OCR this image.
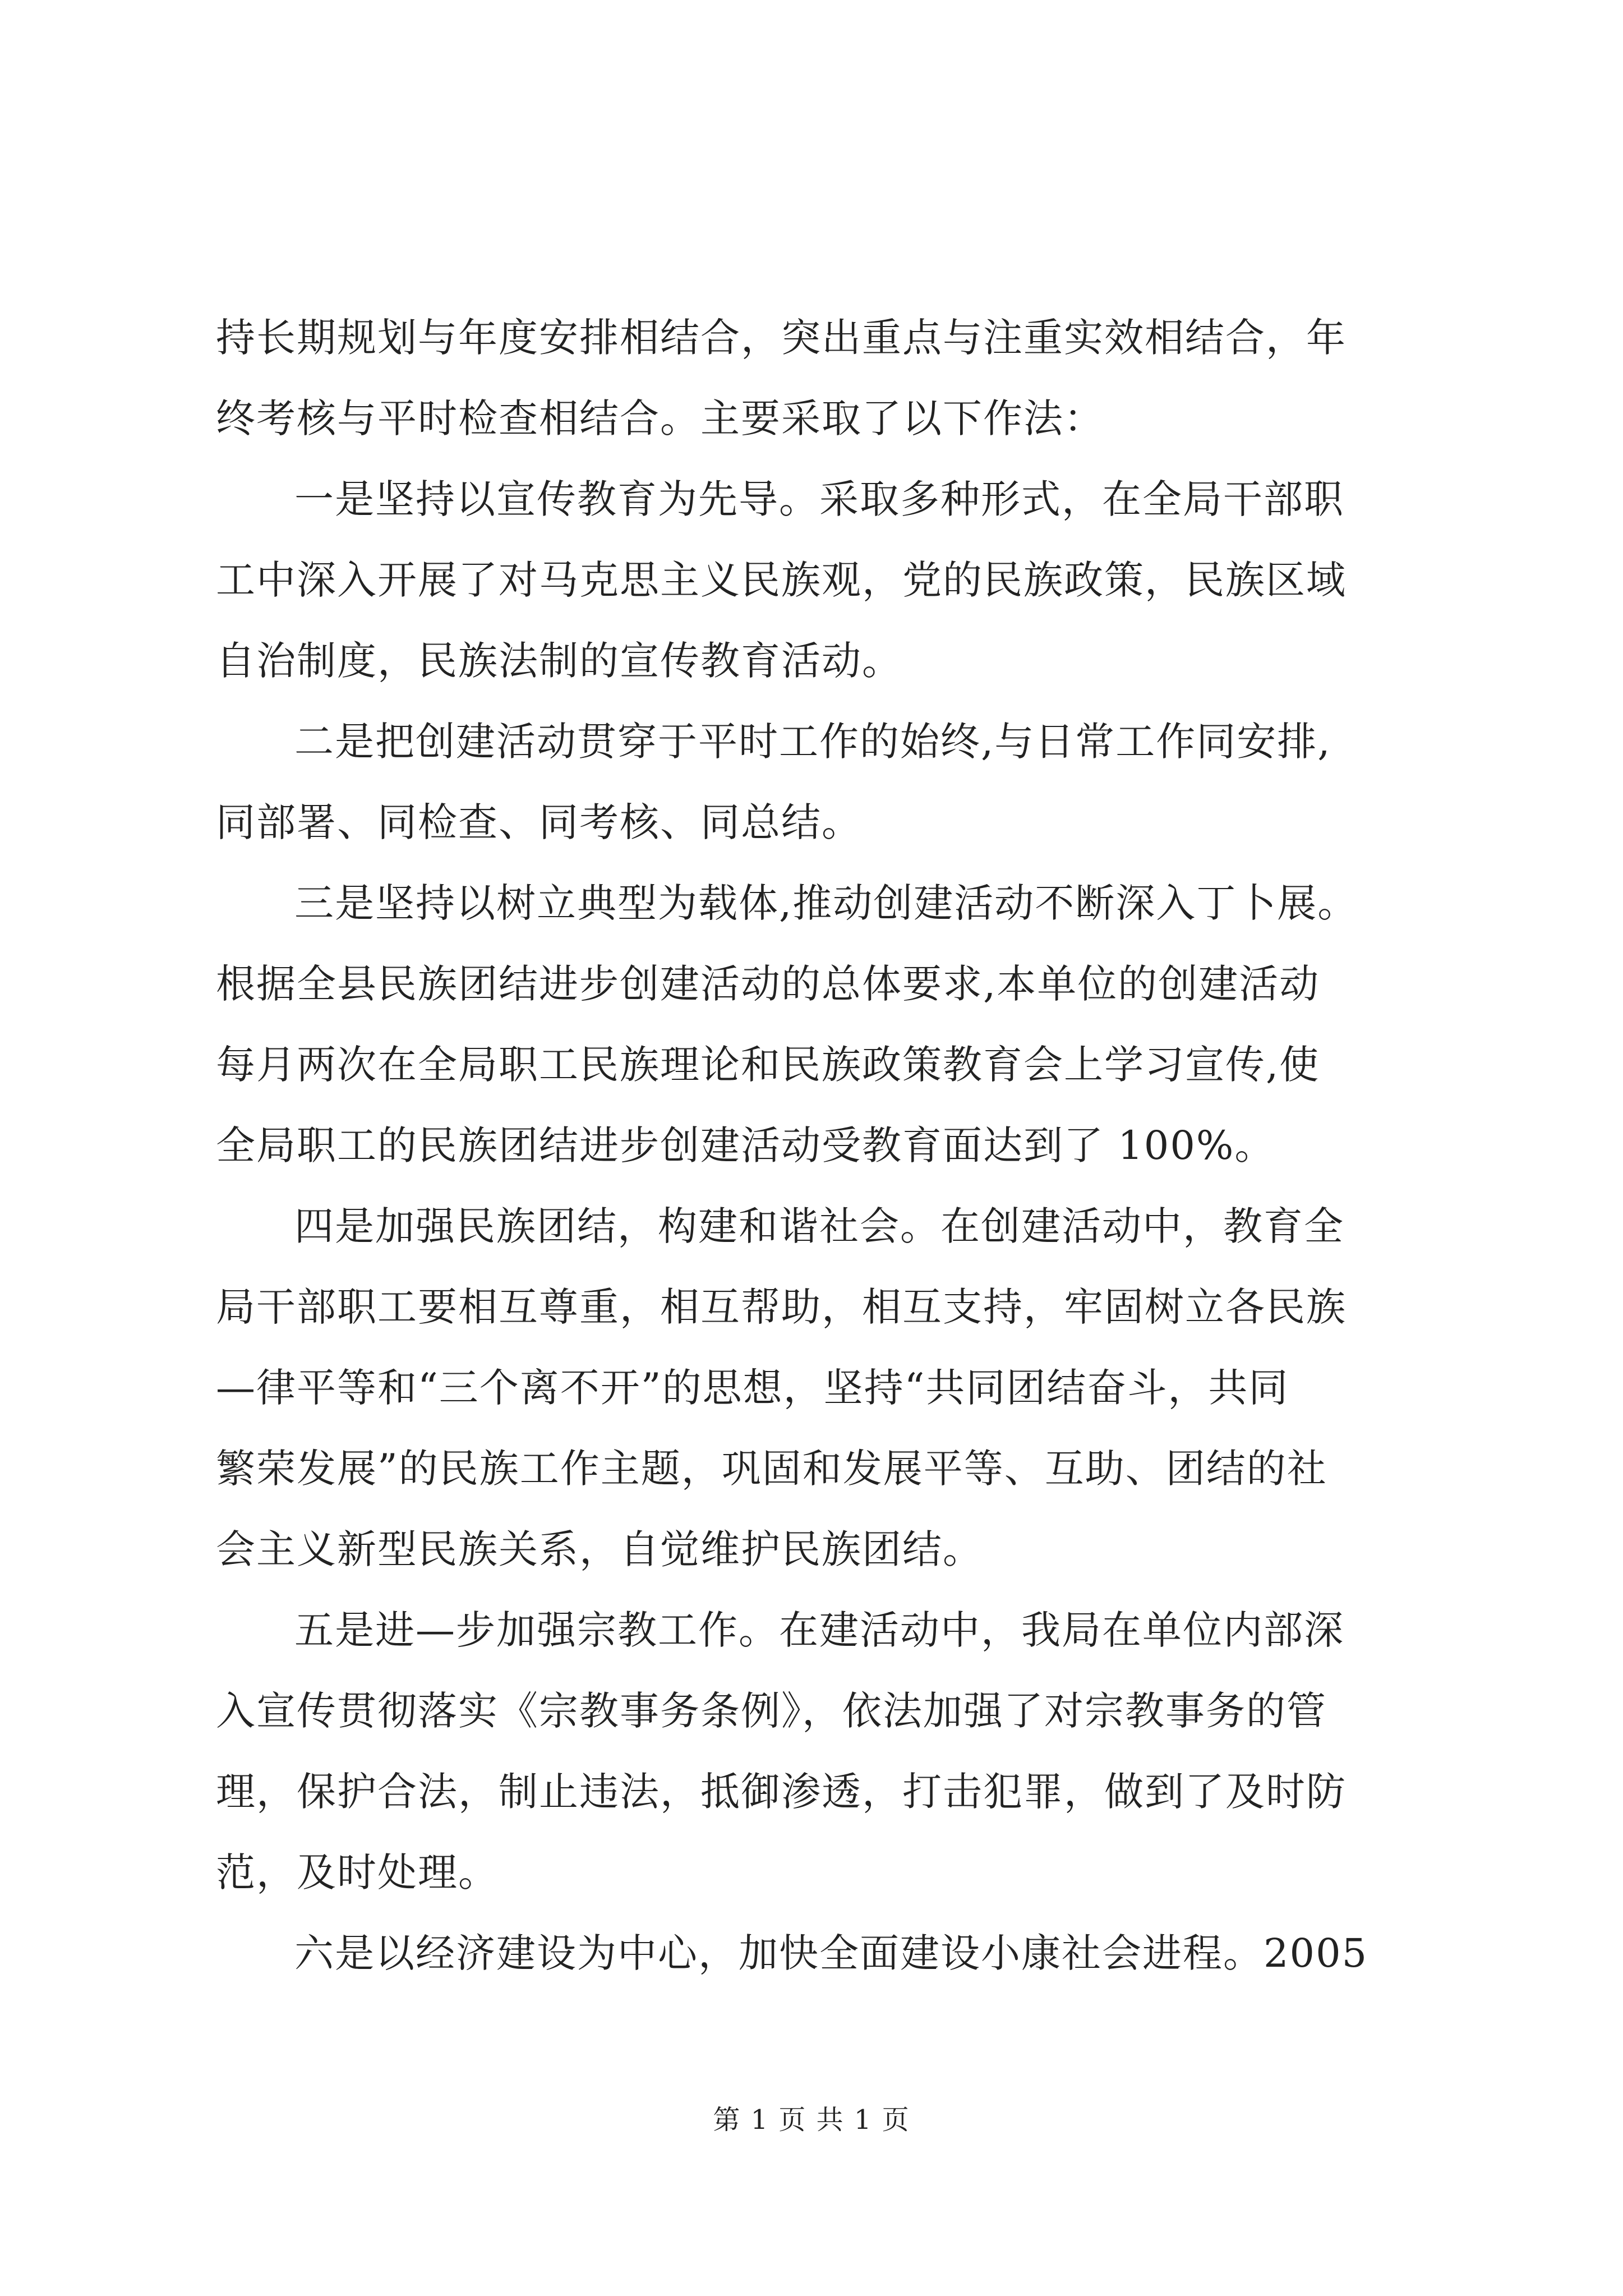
持长期规划与年度安排相结合，突出重点与注重实效相结合，年
终考核与平时检查相结合。主要采取了以下作法：
一是坚持以宣传教育为先导。采取多种形式，在全局干部职
工中深入开展了对马克思主义民族观，党的民族政策，民族区域
自治制度，民族法制的宣传教育活动。
二是把创建活动贯穿于平时工作的始终,与日常工作同安排,
同部署、同检查、同考核、同总结。
三是坚持以树立典型为载体,推动创建活动不断深入丁卜展。
根据全县民族团结进步创建活动的总体要求,本单位的创建活动
每月两次在全局职工民族理论和民族政策教育会上学习宣传,使
全局职工的民族团结进步创建活动受教育面达到了 100%。
四是加强民族团结，构建和谐社会。在创建活动中，教育全
局干部职工要相互尊重，相互帮助，相互支持，牢固树立各民族
—律平等和“三个离不开”的思想，坚持“共同团结奋斗，共同
繁荣发展”的民族工作主题，巩固和发展平等、互助、团结的社
会主义新型民族关系，自觉维护民族团结。
五是进—步加强宗教工作。在建活动中，我局在单位内部深
入宣传贯彻落实《宗教事务条例》，依法加强了对宗教事务的管
理，保护合法，制止违法，抵御渗透，打击犯罪，做到了及时防
范，及时处理。
六是以经济建设为中心，加快全面建设小康社会进程。2005
第 1 页 共 1 页
